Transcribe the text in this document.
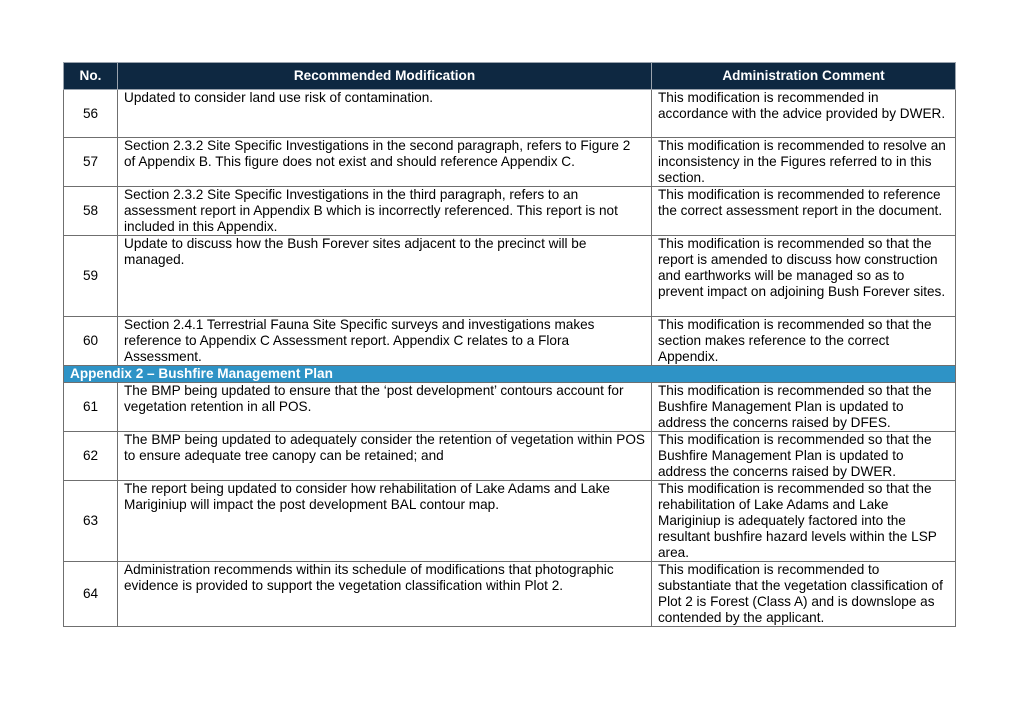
No.	Recommended Modification	Administration Comment
56	Updated to consider land use risk of contamination.	This modification is recommended in accordance with the advice provided by DWER.
57	Section 2.3.2 Site Specific Investigations in the second paragraph, refers to Figure 2 of Appendix B. This figure does not exist and should reference Appendix C.	This modification is recommended to resolve an inconsistency in the Figures referred to in this section.
58	Section 2.3.2 Site Specific Investigations in the third paragraph, refers to an assessment report in Appendix B which is incorrectly referenced. This report is not included in this Appendix.	This modification is recommended to reference the correct assessment report in the document.
59	Update to discuss how the Bush Forever sites adjacent to the precinct will be managed.	This modification is recommended so that the report is amended to discuss how construction and earthworks will be managed so as to prevent impact on adjoining Bush Forever sites.
60	Section 2.4.1 Terrestrial Fauna Site Specific surveys and investigations makes reference to Appendix C Assessment report. Appendix C relates to a Flora Assessment.	This modification is recommended so that the section makes reference to the correct Appendix.
Appendix 2 – Bushfire Management Plan		
61	The BMP being updated to ensure that the ‘post development’ contours account for vegetation retention in all POS.	This modification is recommended so that the Bushfire Management Plan is updated to address the concerns raised by DFES.
62	The BMP being updated to adequately consider the retention of vegetation within POS to ensure adequate tree canopy can be retained; and	This modification is recommended so that the Bushfire Management Plan is updated to address the concerns raised by DWER.
63	The report being updated to consider how rehabilitation of Lake Adams and Lake Mariginiup will impact the post development BAL contour map.	This modification is recommended so that the rehabilitation of Lake Adams and Lake Mariginiup is adequately factored into the resultant bushfire hazard levels within the LSP area.
64	Administration recommends within its schedule of modifications that photographic evidence is provided to support the vegetation classification within Plot 2.	This modification is recommended to substantiate that the vegetation classification of Plot 2 is Forest (Class A) and is downslope as contended by the applicant.
